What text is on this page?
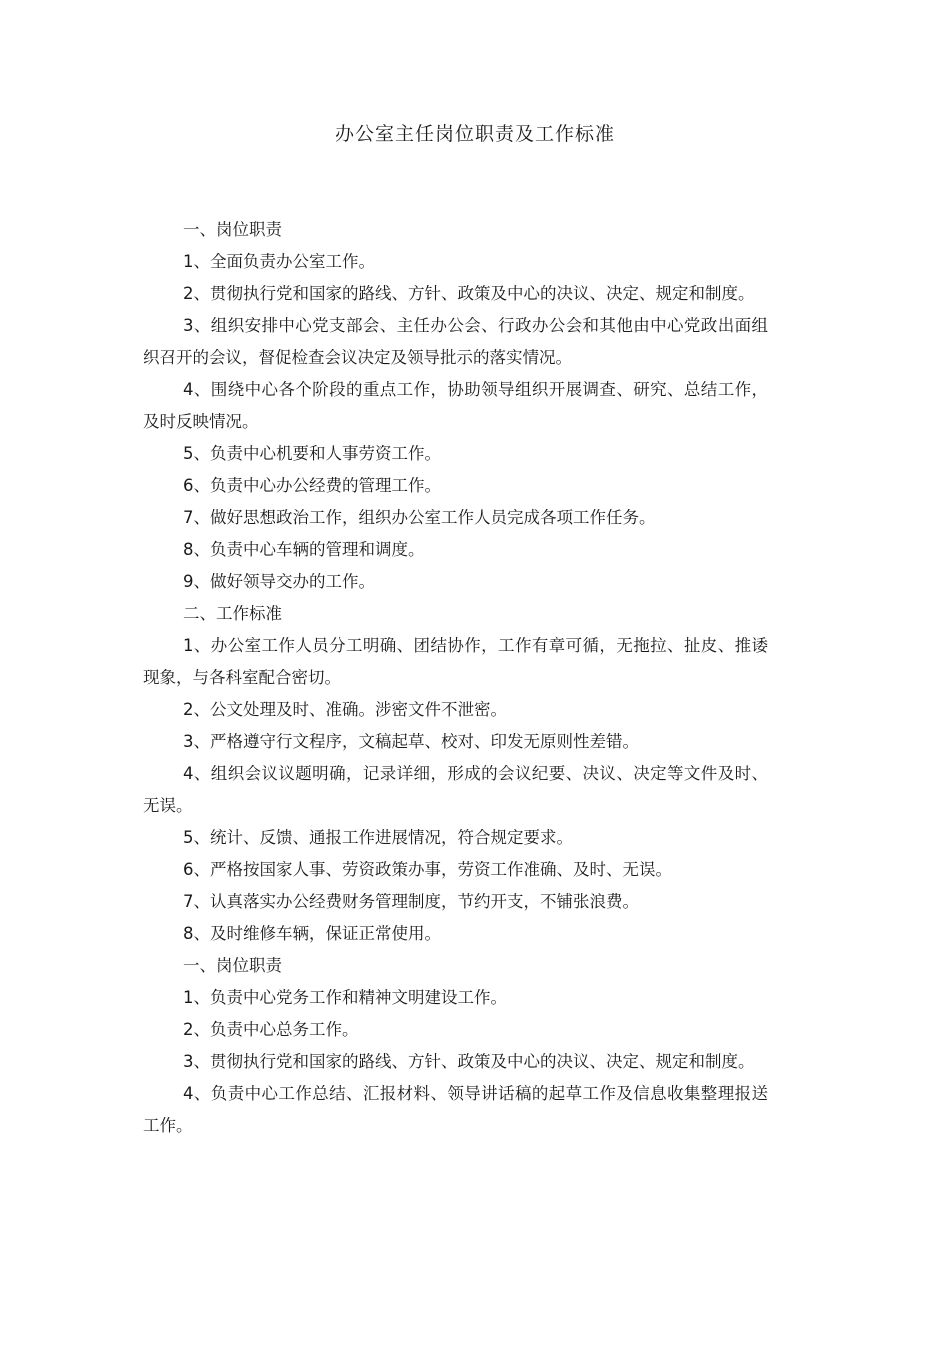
办公室主任岗位职责及工作标准

一、岗位职责

1、全面负责办公室工作。

2、贯彻执行党和国家的路线、方针、政策及中心的决议、决定、规定和制度。

3、组织安排中心党支部会、主任办公会、行政办公会和其他由中心党政出面组织召开的会议，督促检查会议决定及领导批示的落实情况。

4、围绕中心各个阶段的重点工作，协助领导组织开展调查、研究、总结工作，及时反映情况。

5、负责中心机要和人事劳资工作。

6、负责中心办公经费的管理工作。

7、做好思想政治工作，组织办公室工作人员完成各项工作任务。

8、负责中心车辆的管理和调度。

9、做好领导交办的工作。

二、工作标准

1、办公室工作人员分工明确、团结协作，工作有章可循，无拖拉、扯皮、推诿现象，与各科室配合密切。

2、公文处理及时、准确。涉密文件不泄密。

3、严格遵守行文程序，文稿起草、校对、印发无原则性差错。

4、组织会议议题明确，记录详细，形成的会议纪要、决议、决定等文件及时、无误。

5、统计、反馈、通报工作进展情况，符合规定要求。

6、严格按国家人事、劳资政策办事，劳资工作准确、及时、无误。

7、认真落实办公经费财务管理制度，节约开支，不铺张浪费。

8、及时维修车辆，保证正常使用。

一、岗位职责

1、负责中心党务工作和精神文明建设工作。

2、负责中心总务工作。

3、贯彻执行党和国家的路线、方针、政策及中心的决议、决定、规定和制度。

4、负责中心工作总结、汇报材料、领导讲话稿的起草工作及信息收集整理报送工作。
